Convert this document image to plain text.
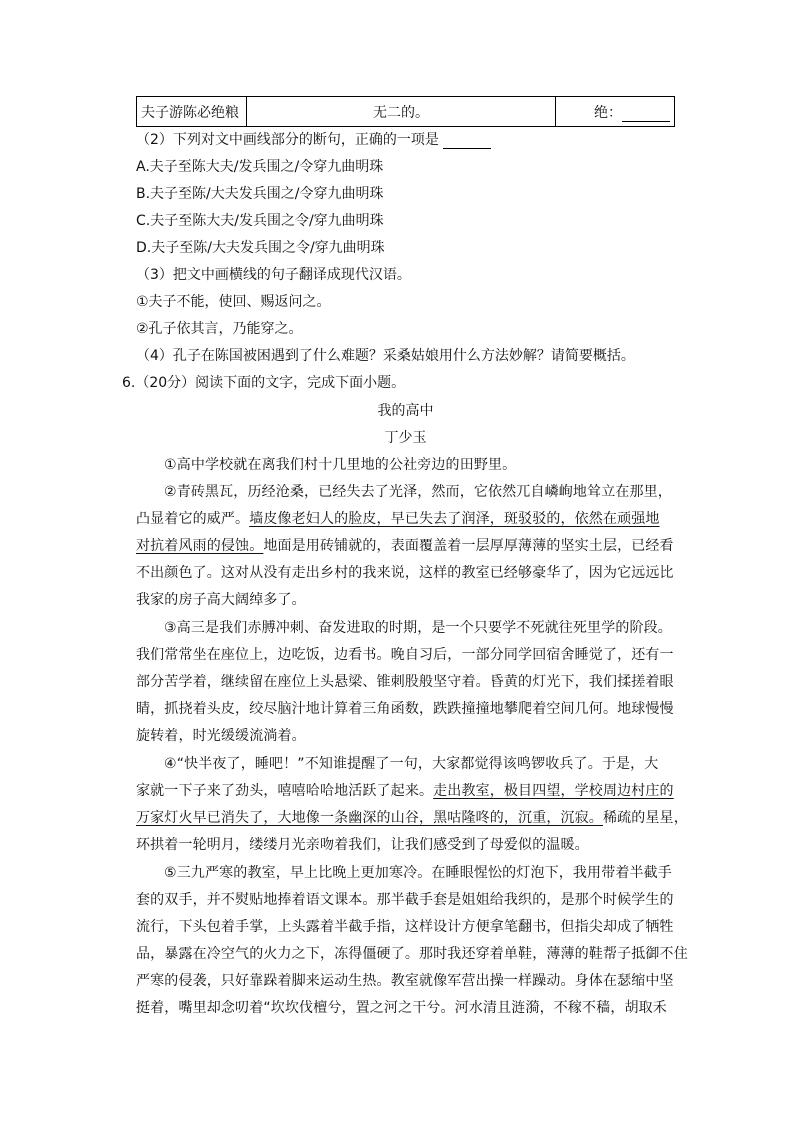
夫子游陈必绝粮	无二的。	绝：
（2）下列对文中画线部分的断句，正确的一项是
A.夫子至陈大夫/发兵围之/令穿九曲明珠
B.夫子至陈/大夫发兵围之/令穿九曲明珠
C.夫子至陈大夫/发兵围之令/穿九曲明珠
D.夫子至陈/大夫发兵围之令/穿九曲明珠
（3）把文中画横线的句子翻译成现代汉语。
①夫子不能，使回、赐返问之。
②孔子依其言，乃能穿之。
（4）孔子在陈国被困遇到了什么难题？采桑姑娘用什么方法妙解？请简要概括。
6.（20分）阅读下面的文字，完成下面小题。
我的高中
丁少玉
①高中学校就在离我们村十几里地的公社旁边的田野里。
②青砖黑瓦，历经沧桑，已经失去了光泽，然而，它依然兀自嶙峋地耸立在那里，
凸显着它的威严。墙皮像老妇人的脸皮，早已失去了润泽，斑驳驳的，依然在顽强地
对抗着风雨的侵蚀。地面是用砖铺就的，表面覆盖着一层厚厚薄薄的坚实土层，已经看
不出颜色了。这对从没有走出乡村的我来说，这样的教室已经够豪华了，因为它远远比
我家的房子高大阔绰多了。
③高三是我们赤膊冲刺、奋发进取的时期，是一个只要学不死就往死里学的阶段。
我们常常坐在座位上，边吃饭，边看书。晚自习后，一部分同学回宿舍睡觉了，还有一
部分苦学着，继续留在座位上头悬梁、锥刺股般坚守着。昏黄的灯光下，我们揉搓着眼
睛，抓挠着头皮，绞尽脑汁地计算着三角函数，跌跌撞撞地攀爬着空间几何。地球慢慢
旋转着，时光缓缓流淌着。
④“快半夜了，睡吧！”不知谁提醒了一句，大家都觉得该鸣锣收兵了。于是，大
家就一下子来了劲头，嘻嘻哈哈地活跃了起来。走出教室，极目四望，学校周边村庄的
万家灯火早已消失了，大地像一条幽深的山谷，黑咕隆咚的，沉重，沉寂。稀疏的星星，
环拱着一轮明月，缕缕月光亲吻着我们，让我们感受到了母爱似的温暖。
⑤三九严寒的教室，早上比晚上更加寒冷。在睡眼惺忪的灯泡下，我用带着半截手
套的双手，并不熨贴地捧着语文课本。那半截手套是姐姐给我织的，是那个时候学生的
流行，下头包着手掌，上头露着半截手指，这样设计方便拿笔翻书，但指尖却成了牺牲
品，暴露在冷空气的火力之下，冻得僵硬了。那时我还穿着单鞋，薄薄的鞋帮子抵御不住
严寒的侵袭，只好靠跺着脚来运动生热。教室就像军营出操一样躁动。身体在瑟缩中坚
挺着，嘴里却念叨着“坎坎伐檀兮，置之河之干兮。河水清且涟漪，不稼不穑，胡取禾
